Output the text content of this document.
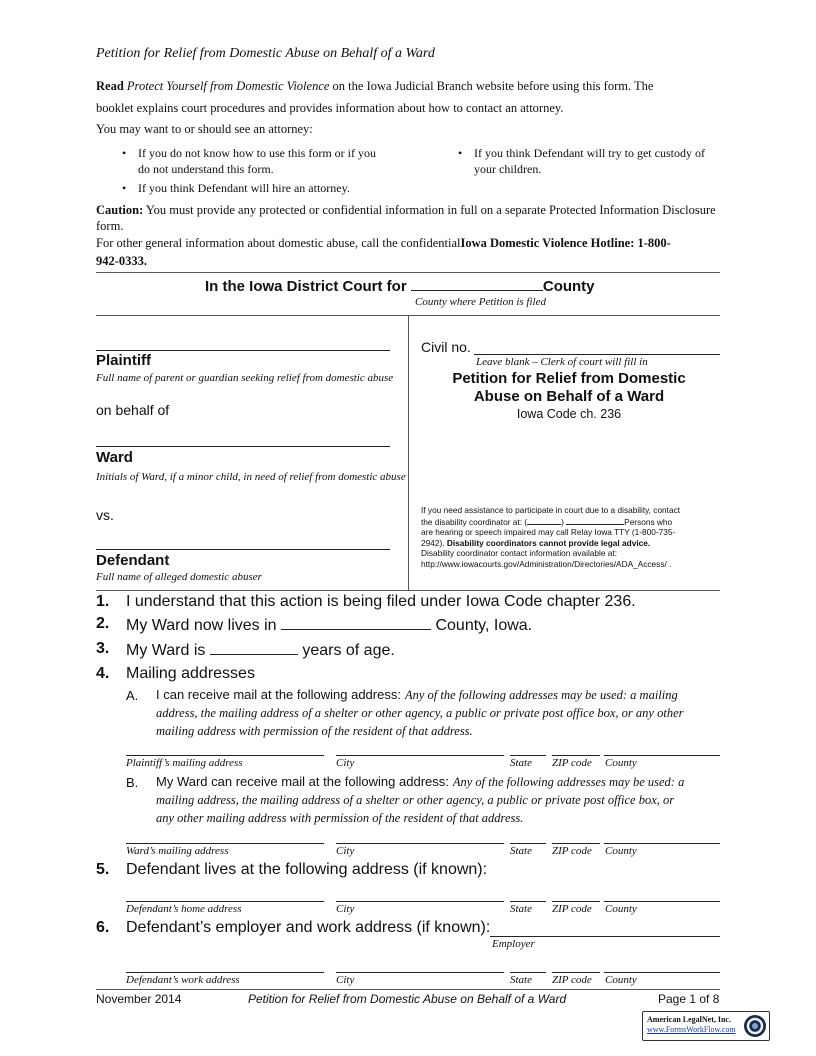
Petition for Relief from Domestic Abuse on Behalf of a Ward
Read Protect Yourself from Domestic Violence on the Iowa Judicial Branch website before using this form. The
booklet explains court procedures and provides information about how to contact an attorney.
You may want to or should see an attorney:
• If you do not know how to use this form or if you
do not understand this form.
• If you think Defendant will hire an attorney.
• If you think Defendant will try to get custody of
your children.
Caution: You must provide any protected or confidential information in full on a separate Protected Information Disclosure
form.
For other general information about domestic abuse, call the confidentialIowa Domestic Violence Hotline: 1-800-
942-0333.
In the Iowa District Court for	County
County where Petition is filed
Plaintiff
Full name of parent or guardian seeking relief from domestic abuse
on behalf of
Ward
Initials of Ward, if a minor child, in need of relief from domestic abuse
vs.
Defendant
Full name of alleged domestic abuser
Civil no.
Leave blank – Clerk of court will fill in
Petition for Relief from Domestic
Abuse on Behalf of a Ward
Iowa Code ch. 236
If you need assistance to participate in court due to a disability, contact
the disability coordinator at: (	)	Persons who
are hearing or speech impaired may call Relay Iowa TTY (1-800-735-
2942). Disability coordinators cannot provide legal advice.
Disability coordinator contact information available at:
http://www.iowacourts.gov/Administration/Directories/ADA_Access/ .
1. I understand that this action is being filed under Iowa Code chapter 236.
2. My Ward now lives in	County, Iowa.
3. My Ward is	years of age.
4. Mailing addresses
A. I can receive mail at the following address: Any of the following addresses may be used: a mailing
address, the mailing address of a shelter or other agency, a public or private post office box, or any other
mailing address with permission of the resident of that address.
Plaintiff’s mailing address	City	State ZIP code County
B. My Ward can receive mail at the following address: Any of the following addresses may be used: a
mailing address, the mailing address of a shelter or other agency, a public or private post office box, or
any other mailing address with permission of the resident of that address.
Ward’s mailing address	City	State ZIP code County
5. Defendant lives at the following address (if known):
Defendant’s home address	City	State ZIP code County
6. Defendant’s employer and work address (if known):
Employer
Defendant’s work address	City	State ZIP code County
November 2014	Petition for Relief from Domestic Abuse on Behalf of a Ward	Page 1 of 8
American LegalNet, Inc.
www.FormsWorkFlow.com
